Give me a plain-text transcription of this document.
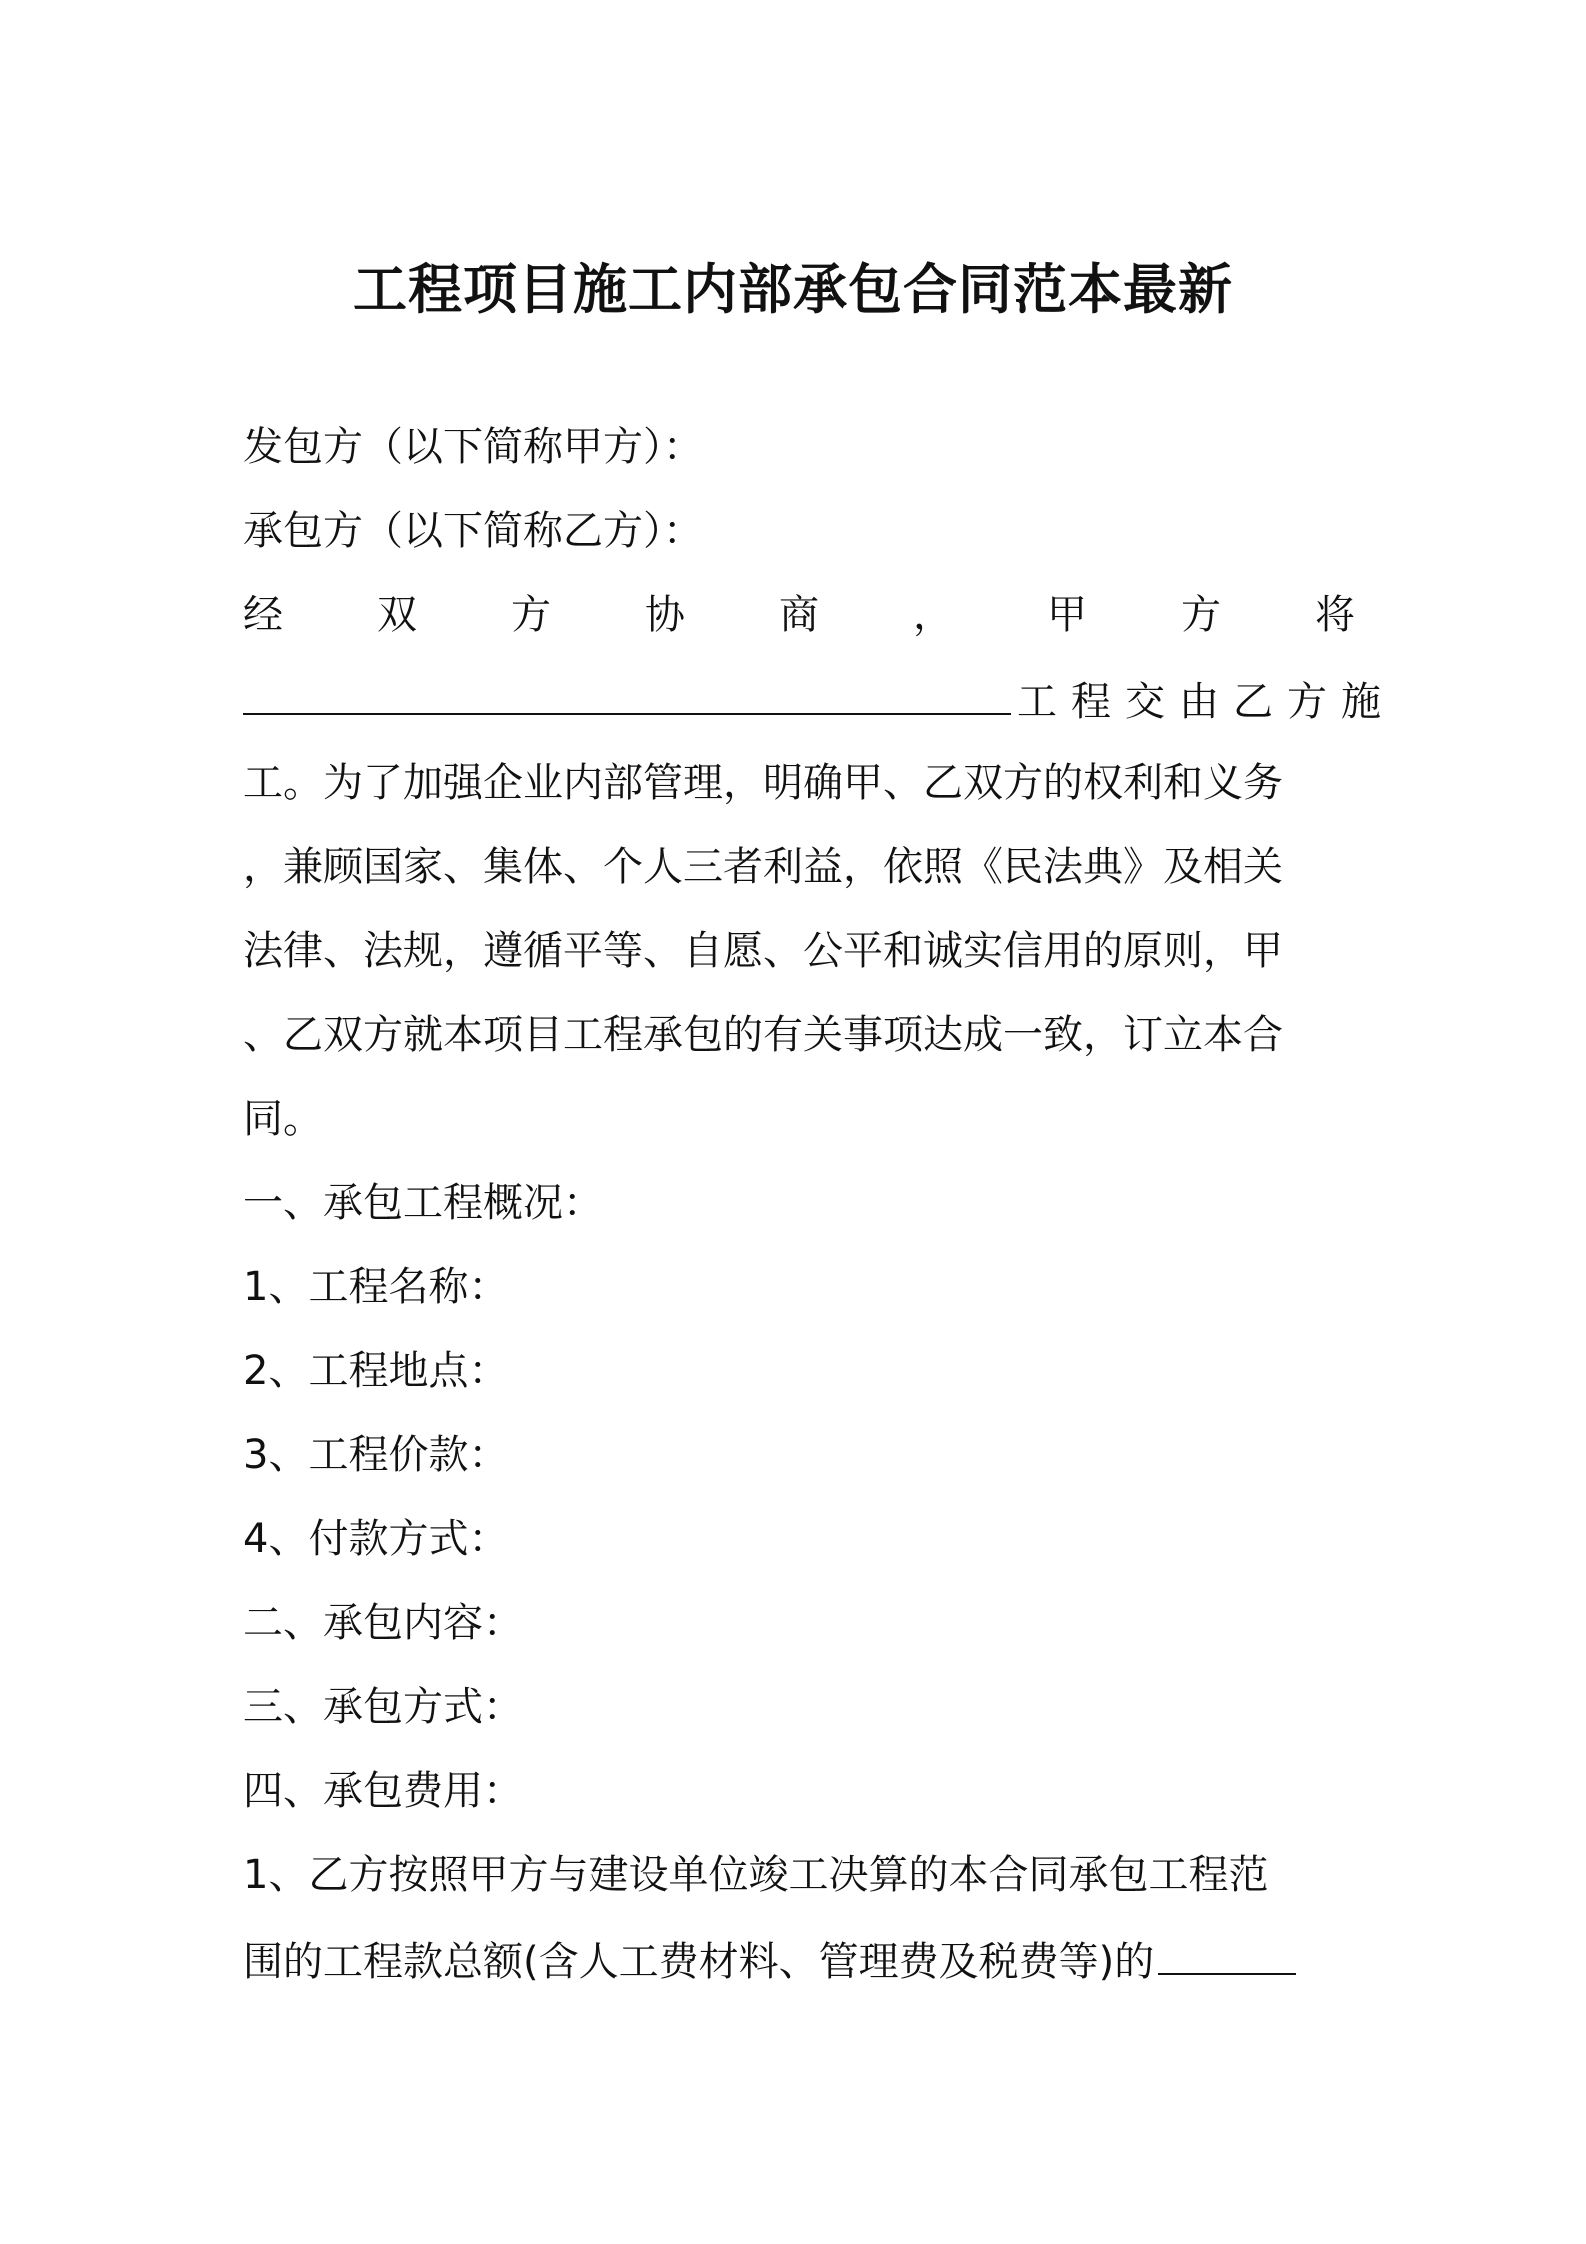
工程项目施工内部承包合同范本最新
发包方（以下简称甲方）：
承包方（以下简称乙方）：
经 双 方 协 商 ， 甲 方 将
工程交由乙方施
工。为了加强企业内部管理，明确甲、乙双方的权利和义务
，兼顾国家、集体、个人三者利益，依照《民法典》及相关
法律、法规，遵循平等、自愿、公平和诚实信用的原则，甲
、乙双方就本项目工程承包的有关事项达成一致，订立本合
同。
一、承包工程概况：
1、工程名称：
2、工程地点：
3、工程价款：
4、付款方式：
二、承包内容：
三、承包方式：
四、承包费用：
1、乙方按照甲方与建设单位竣工决算的本合同承包工程范
围的工程款总额(含人工费材料、管理费及税费等)的
